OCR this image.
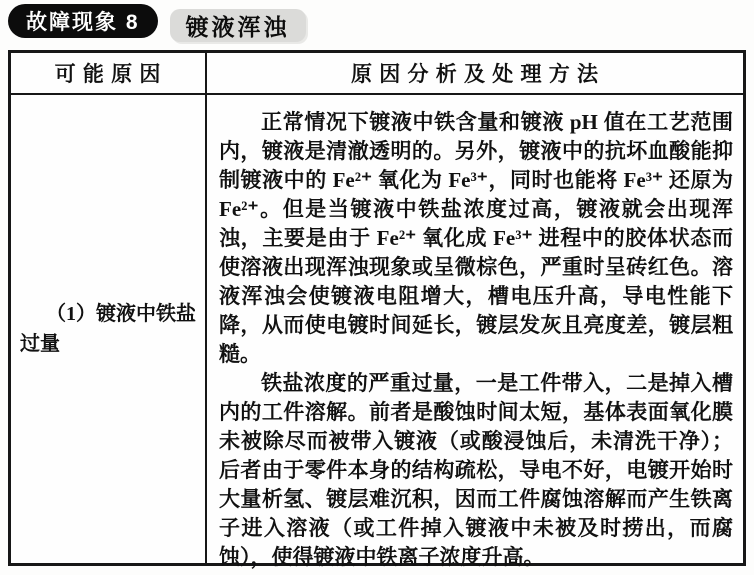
故障现象 8 镀液浑浊
可 能 原 因	原 因 分 析 及 处 理 方 法
（1）镀液中铁盐过量

正常情况下镀液中铁含量和镀液 pH 值在工艺范围内，镀液是清澈透明的。另外，镀液中的抗坏血酸能抑制镀液中的 Fe²⁺ 氧化为 Fe³⁺，同时也能将 Fe³⁺ 还原为 Fe²⁺。但是当镀液中铁盐浓度过高，镀液就会出现浑浊，主要是由于 Fe²⁺ 氧化成 Fe³⁺ 进程中的胶体状态而使溶液出现浑浊现象或呈微棕色，严重时呈砖红色。溶液浑浊会使镀液电阻增大，槽电压升高，导电性能下降，从而使电镀时间延长，镀层发灰且亮度差，镀层粗糙。

铁盐浓度的严重过量，一是工件带入，二是掉入槽内的工件溶解。前者是酸蚀时间太短，基体表面氧化膜未被除尽而被带入镀液（或酸浸蚀后，未清洗干净）；后者由于零件本身的结构疏松，导电不好，电镀开始时大量析氢、镀层难沉积，因而工件腐蚀溶解而产生铁离子进入溶液（或工件掉入镀液中未被及时捞出，而腐蚀），使得镀液中铁离子浓度升高。
